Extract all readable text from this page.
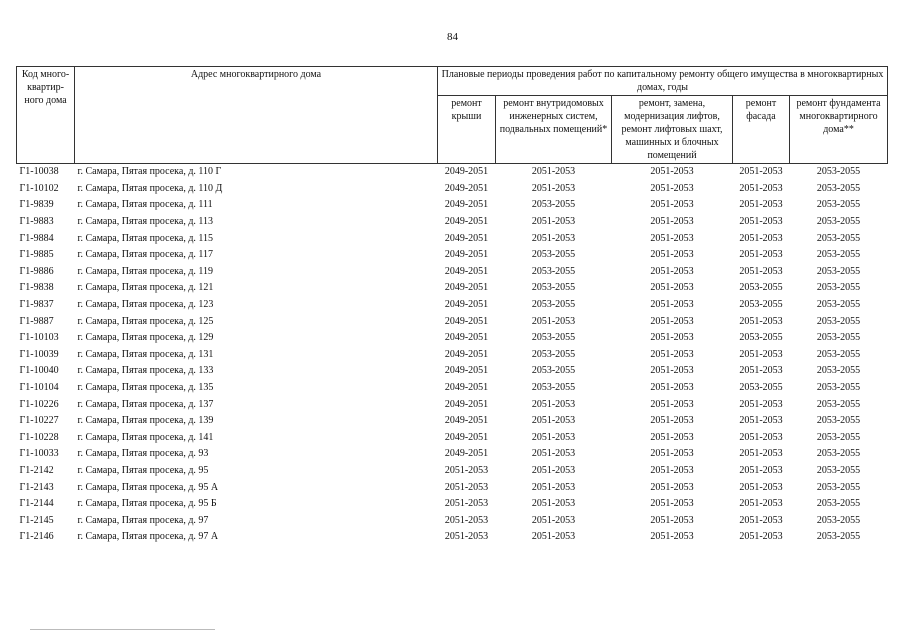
84
Код много-квартир-ного дома	Адрес многоквартирного дома	Плановые периоды проведения работ по капитальному ремонту общего имущества в многоквартирных домах, годы				
		ремонт крыши	ремонт внутридомовых инженерных систем, подвальных помещений*	ремонт, замена, модернизация лифтов, ремонт лифтовых шахт, машинных и блочных помещений	ремонт фасада	ремонт фундамента многоквартирного дома**
Г1-10038	г. Самара, Пятая просека, д. 110 Г	2049-2051	2051-2053	2051-2053	2051-2053	2053-2055
Г1-10102	г. Самара, Пятая просека, д. 110 Д	2049-2051	2051-2053	2051-2053	2051-2053	2053-2055
Г1-9839	г. Самара, Пятая просека, д. 111	2049-2051	2053-2055	2051-2053	2051-2053	2053-2055
Г1-9883	г. Самара, Пятая просека, д. 113	2049-2051	2051-2053	2051-2053	2051-2053	2053-2055
Г1-9884	г. Самара, Пятая просека, д. 115	2049-2051	2051-2053	2051-2053	2051-2053	2053-2055
Г1-9885	г. Самара, Пятая просека, д. 117	2049-2051	2053-2055	2051-2053	2051-2053	2053-2055
Г1-9886	г. Самара, Пятая просека, д. 119	2049-2051	2053-2055	2051-2053	2051-2053	2053-2055
Г1-9838	г. Самара, Пятая просека, д. 121	2049-2051	2053-2055	2051-2053	2053-2055	2053-2055
Г1-9837	г. Самара, Пятая просека, д. 123	2049-2051	2053-2055	2051-2053	2053-2055	2053-2055
Г1-9887	г. Самара, Пятая просека, д. 125	2049-2051	2051-2053	2051-2053	2051-2053	2053-2055
Г1-10103	г. Самара, Пятая просека, д. 129	2049-2051	2053-2055	2051-2053	2053-2055	2053-2055
Г1-10039	г. Самара, Пятая просека, д. 131	2049-2051	2053-2055	2051-2053	2051-2053	2053-2055
Г1-10040	г. Самара, Пятая просека, д. 133	2049-2051	2053-2055	2051-2053	2051-2053	2053-2055
Г1-10104	г. Самара, Пятая просека, д. 135	2049-2051	2053-2055	2051-2053	2053-2055	2053-2055
Г1-10226	г. Самара, Пятая просека, д. 137	2049-2051	2051-2053	2051-2053	2051-2053	2053-2055
Г1-10227	г. Самара, Пятая просека, д. 139	2049-2051	2051-2053	2051-2053	2051-2053	2053-2055
Г1-10228	г. Самара, Пятая просека, д. 141	2049-2051	2051-2053	2051-2053	2051-2053	2053-2055
Г1-10033	г. Самара, Пятая просека, д. 93	2049-2051	2051-2053	2051-2053	2051-2053	2053-2055
Г1-2142	г. Самара, Пятая просека, д. 95	2051-2053	2051-2053	2051-2053	2051-2053	2053-2055
Г1-2143	г. Самара, Пятая просека, д. 95 А	2051-2053	2051-2053	2051-2053	2051-2053	2053-2055
Г1-2144	г. Самара, Пятая просека, д. 95 Б	2051-2053	2051-2053	2051-2053	2051-2053	2053-2055
Г1-2145	г. Самара, Пятая просека, д. 97	2051-2053	2051-2053	2051-2053	2051-2053	2053-2055
Г1-2146	г. Самара, Пятая просека, д. 97 А	2051-2053	2051-2053	2051-2053	2051-2053	2053-2055
